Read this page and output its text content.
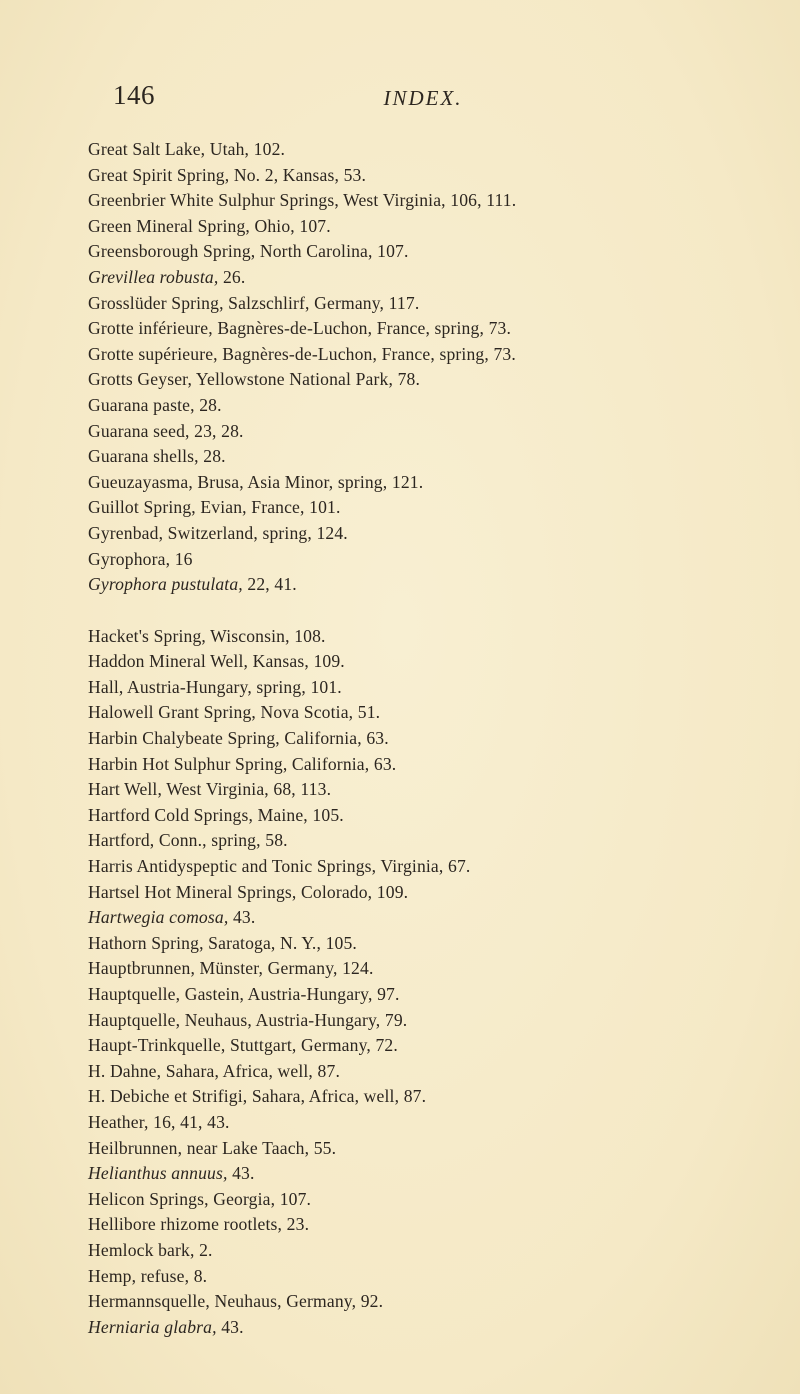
146	INDEX.
Great Salt Lake, Utah, 102.
Great Spirit Spring, No. 2, Kansas, 53.
Greenbrier White Sulphur Springs, West Virginia, 106, 111.
Green Mineral Spring, Ohio, 107.
Greensborough Spring, North Carolina, 107.
Grevillea robusta, 26.
Grosslüder Spring, Salzschlirf, Germany, 117.
Grotte inférieure, Bagnères-de-Luchon, France, spring, 73.
Grotte supérieure, Bagnères-de-Luchon, France, spring, 73.
Grotts Geyser, Yellowstone National Park, 78.
Guarana paste, 28.
Guarana seed, 23, 28.
Guarana shells, 28.
Gueuzayasma, Brusa, Asia Minor, spring, 121.
Guillot Spring, Evian, France, 101.
Gyrenbad, Switzerland, spring, 124.
Gyrophora, 16
Gyrophora pustulata, 22, 41.
Hacket's Spring, Wisconsin, 108.
Haddon Mineral Well, Kansas, 109.
Hall, Austria-Hungary, spring, 101.
Halowell Grant Spring, Nova Scotia, 51.
Harbin Chalybeate Spring, California, 63.
Harbin Hot Sulphur Spring, California, 63.
Hart Well, West Virginia, 68, 113.
Hartford Cold Springs, Maine, 105.
Hartford, Conn., spring, 58.
Harris Antidyspeptic and Tonic Springs, Virginia, 67.
Hartsel Hot Mineral Springs, Colorado, 109.
Hartwegia comosa, 43.
Hathorn Spring, Saratoga, N. Y., 105.
Hauptbrunnen, Münster, Germany, 124.
Hauptquelle, Gastein, Austria-Hungary, 97.
Hauptquelle, Neuhaus, Austria-Hungary, 79.
Haupt-Trinkquelle, Stuttgart, Germany, 72.
H. Dahne, Sahara, Africa, well, 87.
H. Debiche et Strifigi, Sahara, Africa, well, 87.
Heather, 16, 41, 43.
Heilbrunnen, near Lake Taach, 55.
Helianthus annuus, 43.
Helicon Springs, Georgia, 107.
Hellibore rhizome rootlets, 23.
Hemlock bark, 2.
Hemp, refuse, 8.
Hermannsquelle, Neuhaus, Germany, 92.
Herniaria glabra, 43.
